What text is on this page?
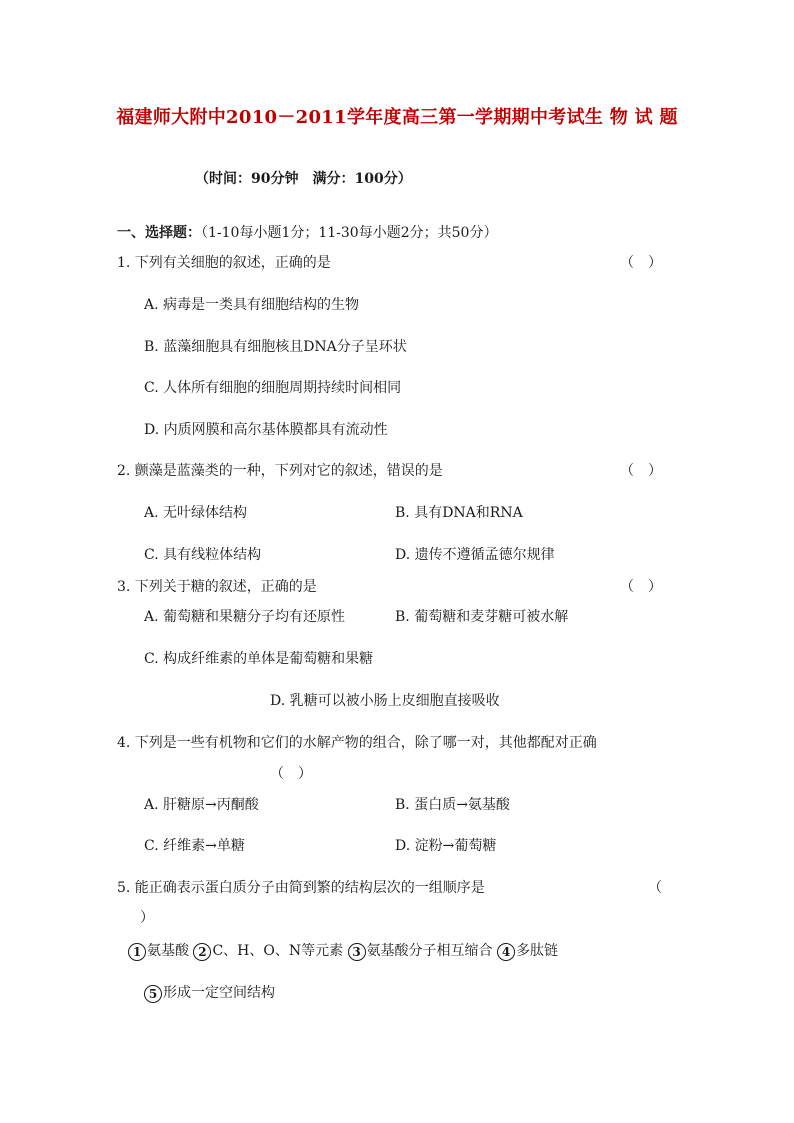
福建师大附中2010－2011学年度高三第一学期期中考试生 物 试 题
（时间：90分钟　满分：100分）
一、选择题：（1-10每小题1分；11-30每小题2分；共50分）
1. 下列有关细胞的叙述，正确的是	（　）
A. 病毒是一类具有细胞结构的生物
B. 蓝藻细胞具有细胞核且DNA分子呈环状
C. 人体所有细胞的细胞周期持续时间相同
D. 内质网膜和高尔基体膜都具有流动性
2. 颤藻是蓝藻类的一种，下列对它的叙述，错误的是	（　）
A. 无叶绿体结构	B. 具有DNA和RNA
C. 具有线粒体结构	D. 遗传不遵循孟德尔规律
3. 下列关于糖的叙述，正确的是	（　）
A. 葡萄糖和果糖分子均有还原性	B. 葡萄糖和麦芽糖可被水解
C. 构成纤维素的单体是葡萄糖和果糖
D. 乳糖可以被小肠上皮细胞直接吸收
4. 下列是一些有机物和它们的水解产物的组合，除了哪一对，其他都配对正确
（　）
A. 肝糖原→丙酮酸	B. 蛋白质→氨基酸
C. 纤维素→单糖	D. 淀粉→葡萄糖
5. 能正确表示蛋白质分子由简到繁的结构层次的一组顺序是	（
）
1 氨基酸 2 C、H、O、N等元素 3 氨基酸分子相互缩合 4 多肽链
5 形成一定空间结构
